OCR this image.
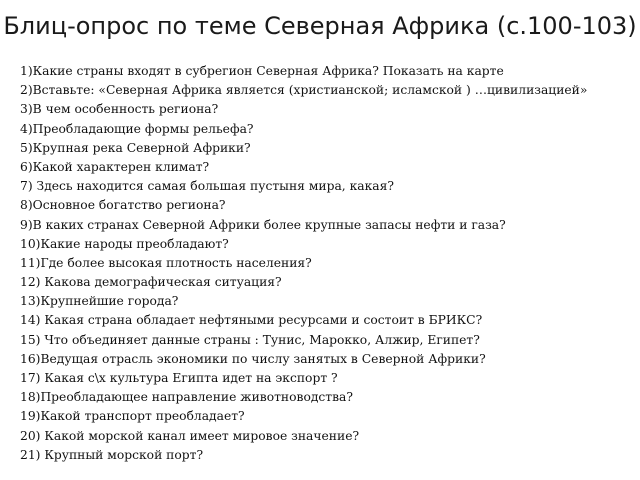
Блиц-опрос по теме Северная Африка (с.100-103)
1)Какие страны входят в субрегион Северная Африка? Показать на карте
2)Вставьте: «Северная Африка является (христианской; исламской ) …цивилизацией»
3)В чем особенность региона?
4)Преобладающие формы рельефа?
5)Крупная река Северной Африки?
6)Какой характерен климат?
7) Здесь находится самая большая пустыня мира, какая?
8)Основное богатство региона?
9)В каких странах Северной Африки более крупные запасы нефти и газа?
10)Какие народы преобладают?
11)Где более высокая плотность населения?
12) Какова демографическая ситуация?
13)Крупнейшие города?
14) Какая страна обладает нефтяными ресурсами и состоит в БРИКС?
15) Что объединяет данные страны : Тунис, Марокко, Алжир, Египет?
16)Ведущая отрасль экономики по числу занятых в Северной Африки?
17) Какая с\х культура Египта идет на экспорт ?
18)Преобладающее направление животноводства?
19)Какой транспорт преобладает?
20) Какой морской канал имеет мировое значение?
21) Крупный морской порт?
